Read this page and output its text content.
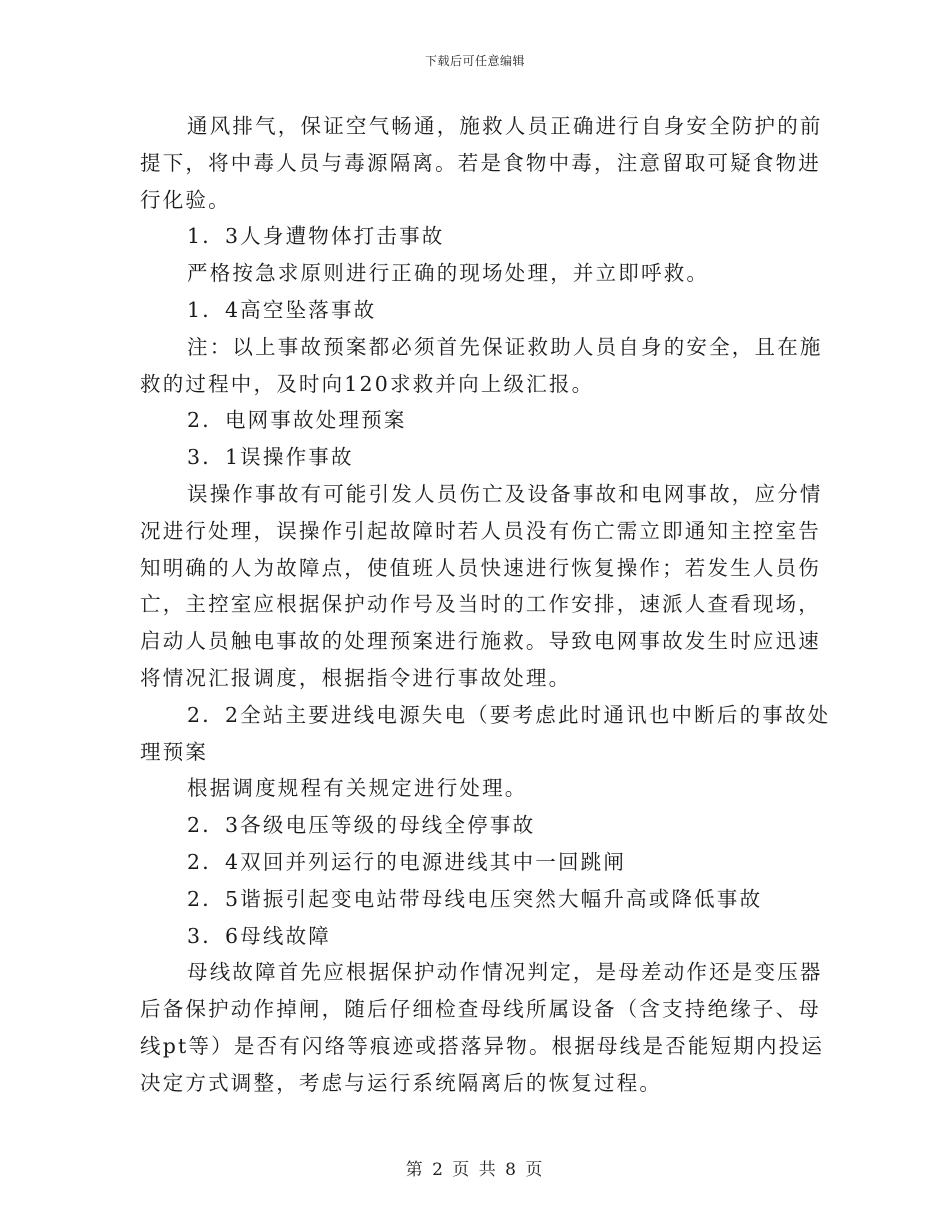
下载后可任意编辑
通风排气，保证空气畅通，施救人员正确进行自身安全防护的前
提下，将中毒人员与毒源隔离。若是食物中毒，注意留取可疑食物进
行化验。
1．3人身遭物体打击事故
严格按急求原则进行正确的现场处理，并立即呼救。
1．4高空坠落事故
注：以上事故预案都必须首先保证救助人员自身的安全，且在施
救的过程中，及时向120求救并向上级汇报。
2．电网事故处理预案
3．1误操作事故
误操作事故有可能引发人员伤亡及设备事故和电网事故，应分情
况进行处理，误操作引起故障时若人员没有伤亡需立即通知主控室告
知明确的人为故障点，使值班人员快速进行恢复操作；若发生人员伤
亡，主控室应根据保护动作号及当时的工作安排，速派人查看现场，
启动人员触电事故的处理预案进行施救。导致电网事故发生时应迅速
将情况汇报调度，根据指令进行事故处理。
2．2全站主要进线电源失电（要考虑此时通讯也中断后的事故处
理预案
根据调度规程有关规定进行处理。
2．3各级电压等级的母线全停事故
2．4双回并列运行的电源进线其中一回跳闸
2．5谐振引起变电站带母线电压突然大幅升高或降低事故
3．6母线故障
母线故障首先应根据保护动作情况判定，是母差动作还是变压器
后备保护动作掉闸，随后仔细检查母线所属设备（含支持绝缘子、母
线pt等）是否有闪络等痕迹或搭落异物。根据母线是否能短期内投运
决定方式调整，考虑与运行系统隔离后的恢复过程。
第 2 页 共 8 页
